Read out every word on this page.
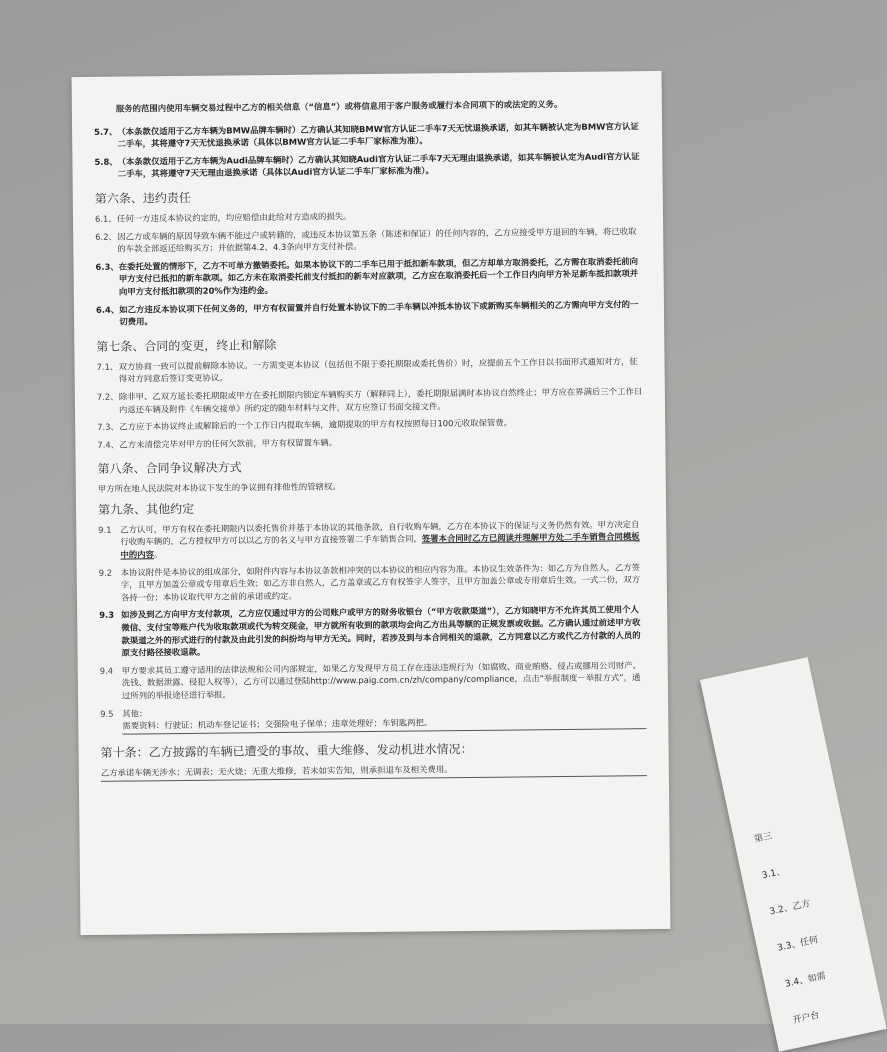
服务的范围内使用车辆交易过程中乙方的相关信息（“信息”）或将信息用于客户服务或履行本合同项下的或法定的义务。
5.7、 （本条款仅适用于乙方车辆为BMW品牌车辆时）乙方确认其知晓BMW官方认证二手车7天无忧退换承诺，如其车辆被认定为BMW官方认证二手车，其将遵守7天无忧退换承诺（具体以BMW官方认证二手车厂家标准为准）。
5.8、 （本条款仅适用于乙方车辆为Audi品牌车辆时）乙方确认其知晓Audi官方认证二手车7天无理由退换承诺，如其车辆被认定为Audi官方认证二手车，其将遵守7天无理由退换承诺（具体以Audi官方认证二手车厂家标准为准）。
第六条、违约责任
6.1、 任何一方违反本协议约定的，均应赔偿由此给对方造成的损失。
6.2、 因乙方或车辆的原因导致车辆不能过户或转籍的，或违反本协议第五条（陈述和保证）的任何内容的，乙方应接受甲方退回的车辆，将已收取的车款全部返还给购买方；并依据第4.2、4.3条向甲方支付补偿。
6.3、 在委托处置的情形下，乙方不可单方撤销委托。如果本协议下的二手车已用于抵扣新车款项，但乙方却单方取消委托，乙方需在取消委托前向甲方支付已抵扣的新车款项。如乙方未在取消委托前支付抵扣的新车对应款项，乙方应在取消委托后一个工作日内向甲方补足新车抵扣款项并向甲方支付抵扣款项的20%作为违约金。
6.4、 如乙方违反本协议项下任何义务的，甲方有权留置并自行处置本协议下的二手车辆以冲抵本协议下或新购买车辆相关的乙方需向甲方支付的一切费用。
第七条、合同的变更，终止和解除
7.1、 双方协商一致可以提前解除本协议。一方需变更本协议（包括但不限于委托期限或委托售价）时，应提前五个工作日以书面形式通知对方，征得对方同意后签订变更协议。
7.2、 除非甲、乙双方延长委托期限或甲方在委托期限内锁定车辆购买方（解释同上），委托期限届满时本协议自然终止；甲方应在界满后三个工作日内返还车辆及附件《车辆交接单》所约定的随车材料与文件，双方应签订书面交接文件。
7.3、 乙方应于本协议终止或解除后的一个工作日内提取车辆，逾期提取的甲方有权按照每日100元收取保管费。
7.4、 乙方未清偿完毕对甲方的任何欠款前，甲方有权留置车辆。
第八条、合同争议解决方式
甲方所在地人民法院对本协议下发生的争议拥有排他性的管辖权。
第九条、其他约定
9.1	乙方认可，甲方有权在委托期限内以委托售价并基于本协议的其他条款，自行收购车辆，乙方在本协议下的保证与义务仍然有效。甲方决定自行收购车辆的，乙方授权甲方可以以乙方的名义与甲方直接签署二手车销售合同，签署本合同时乙方已阅读并理解甲方处二手车销售合同模板中的内容。
9.2	本协议附件是本协议的组成部分，如附件内容与本协议条款相冲突的以本协议的相应内容为准。本协议生效条件为：如乙方为自然人，乙方签字，且甲方加盖公章或专用章后生效；如乙方非自然人，乙方盖章或乙方有权签字人签字，且甲方加盖公章或专用章后生效。一式二份，双方各持一份；本协议取代甲方之前的承诺或约定。
9.3 如涉及到乙方向甲方支付款项，乙方应仅通过甲方的公司账户或甲方的财务收银台（“甲方收款渠道”），乙方知晓甲方不允许其员工使用个人微信、支付宝等账户代为收取款项或代为转交现金，甲方就所有收到的款项均会向乙方出具等额的正规发票或收据。乙方确认通过前述甲方收款渠道之外的形式进行的付款及由此引发的纠纷均与甲方无关。同时，若涉及到与本合同相关的退款，乙方同意以乙方或代乙方付款的人员的原支付路径接收退款。
9.4	甲方要求其员工遵守适用的法律法规和公司内部规定，如果乙方发现甲方员工存在违法违规行为（如腐败、商业贿赂、侵占或挪用公司财产、洗钱、数据泄露、侵犯人权等），乙方可以通过登陆http://www.paig.com.cn/zh/company/compliance，点击“举报制度－举报方式”，通过所列的举报途径进行举报。
9.5	其他：
需要资料：行驶证；机动车登记证书；交强险电子保单；违章处理好；车钥匙两把。
第十条：乙方披露的车辆已遭受的事故、重大维修、发动机进水情况：
乙方承诺车辆无涉水；无调表；无火烧；无重大维修，若未如实告知，则承担退车及相关费用。
第三
3.1、
3.2、乙方
3.3、任何
3.4、如需
开户台
